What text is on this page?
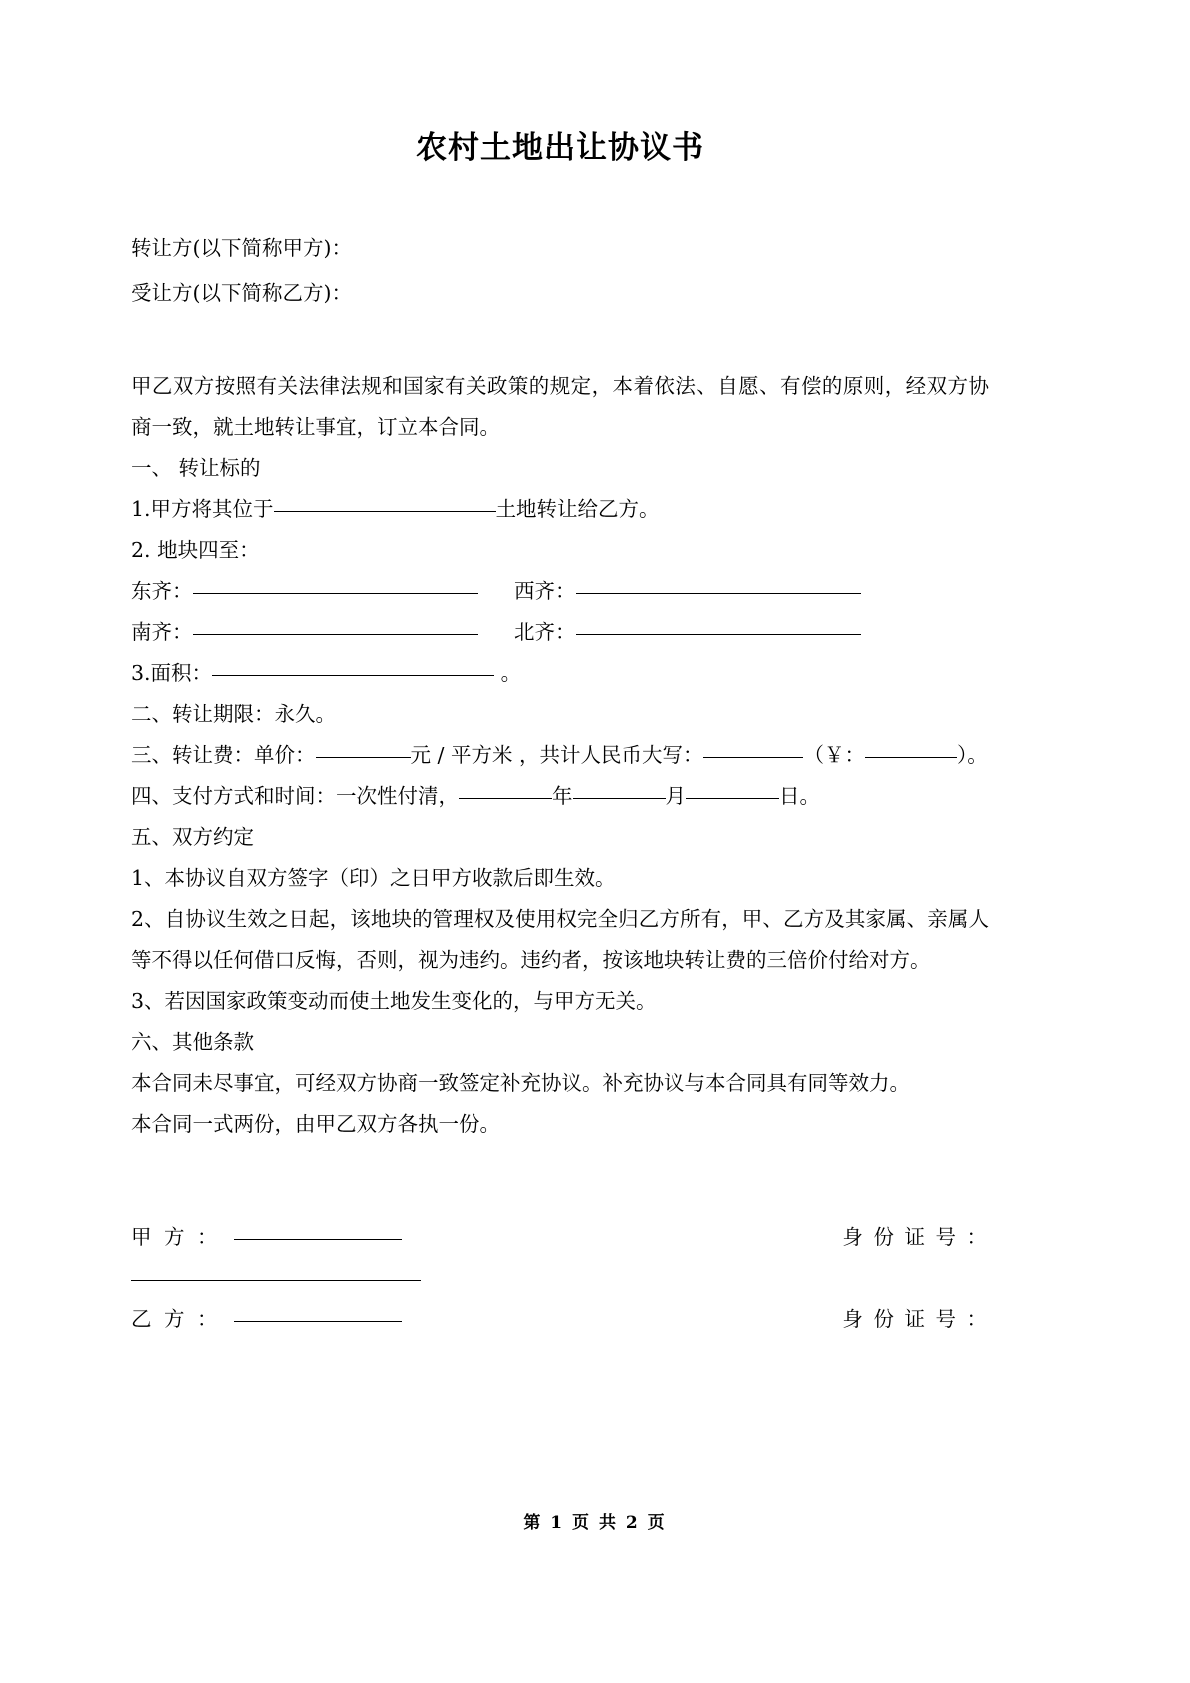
农村土地出让协议书
转让方(以下简称甲方)：
受让方(以下简称乙方)：
甲乙双方按照有关法律法规和国家有关政策的规定，本着依法、自愿、有偿的原则，经双方协商一致，就土地转让事宜，订立本合同。
一、 转让标的
1.甲方将其位于	土地转让给乙方。
2. 地块四至：
东齐：	西齐：
南齐：	北齐：
3.面积：	。
二、转让期限：永久。
三、转让费：单价：	元 / 平方米 ，共计人民币大写：	（￥：	）。
四、支付方式和时间：一次性付清，	年	月	日。
五、双方约定
1、本协议自双方签字（印）之日甲方收款后即生效。
2、自协议生效之日起，该地块的管理权及使用权完全归乙方所有，甲、乙方及其家属、亲属人等不得以任何借口反悔，否则，视为违约。违约者，按该地块转让费的三倍价付给对方。
3、若因国家政策变动而使土地发生变化的，与甲方无关。
六、其他条款
本合同未尽事宜，可经双方协商一致签定补充协议。补充协议与本合同具有同等效力。
本合同一式两份，由甲乙双方各执一份。
甲 方 ：	身 份 证 号 ：
乙 方 ：	身 份 证 号 ：
第 1 页 共 2 页
